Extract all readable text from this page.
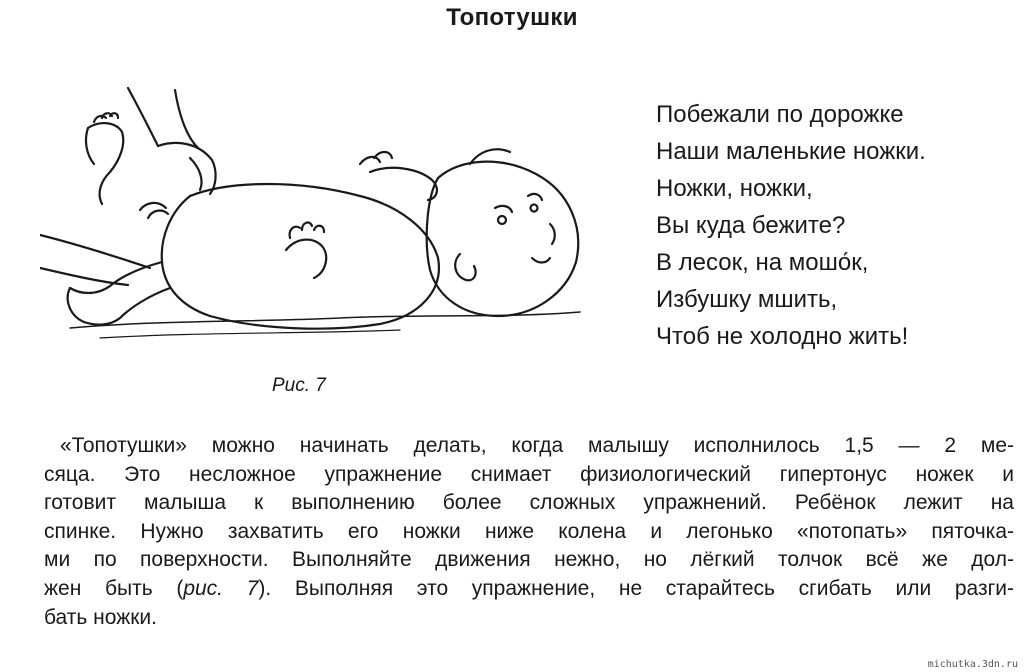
Топотушки
Рис. 7
Побежали по дорожке
Наши маленькие ножки.
Ножки, ножки,
Вы куда бежите?
В лесок, на мошо́к,
Избушку мшить,
Чтоб не холодно жить!
«Топотушки» можно начинать делать, когда малышу исполнилось 1,5 — 2 ме-
сяца. Это несложное упражнение снимает физиологический гипертонус ножек и
готовит малыша к выполнению более сложных упражнений. Ребёнок лежит на
спинке. Нужно захватить его ножки ниже колена и легонько «потопать» пяточка-
ми по поверхности. Выполняйте движения нежно, но лёгкий толчок всё же дол-
жен быть (рис. 7). Выполняя это упражнение, не старайтесь сгибать или разги-
бать ножки.
michutka.3dn.ru
